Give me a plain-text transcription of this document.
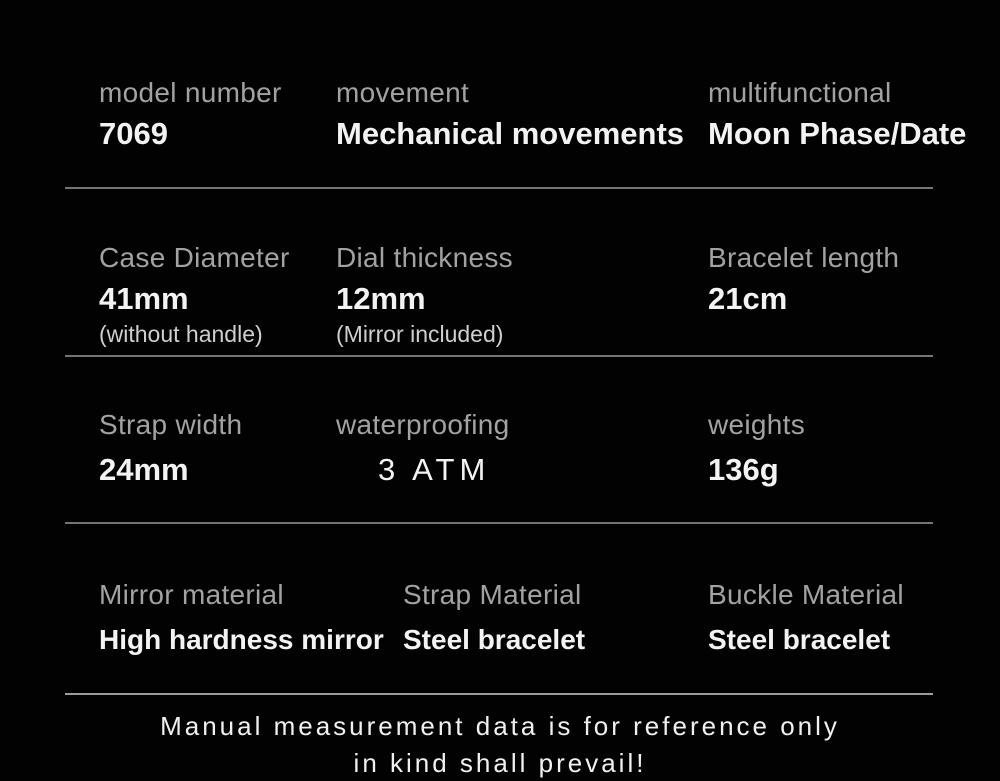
model number
7069
movement
Mechanical movements
multifunctional
Moon Phase/Date
Case Diameter
41mm
(without handle)
Dial thickness
12mm
(Mirror included)
Bracelet length
21cm
Strap width
24mm
waterproofing
3 ATM
weights
136g
Mirror material
High hardness mirror
Strap Material
Steel bracelet
Buckle Material
Steel bracelet
Manual measurement data is for reference only
in kind shall prevail!
